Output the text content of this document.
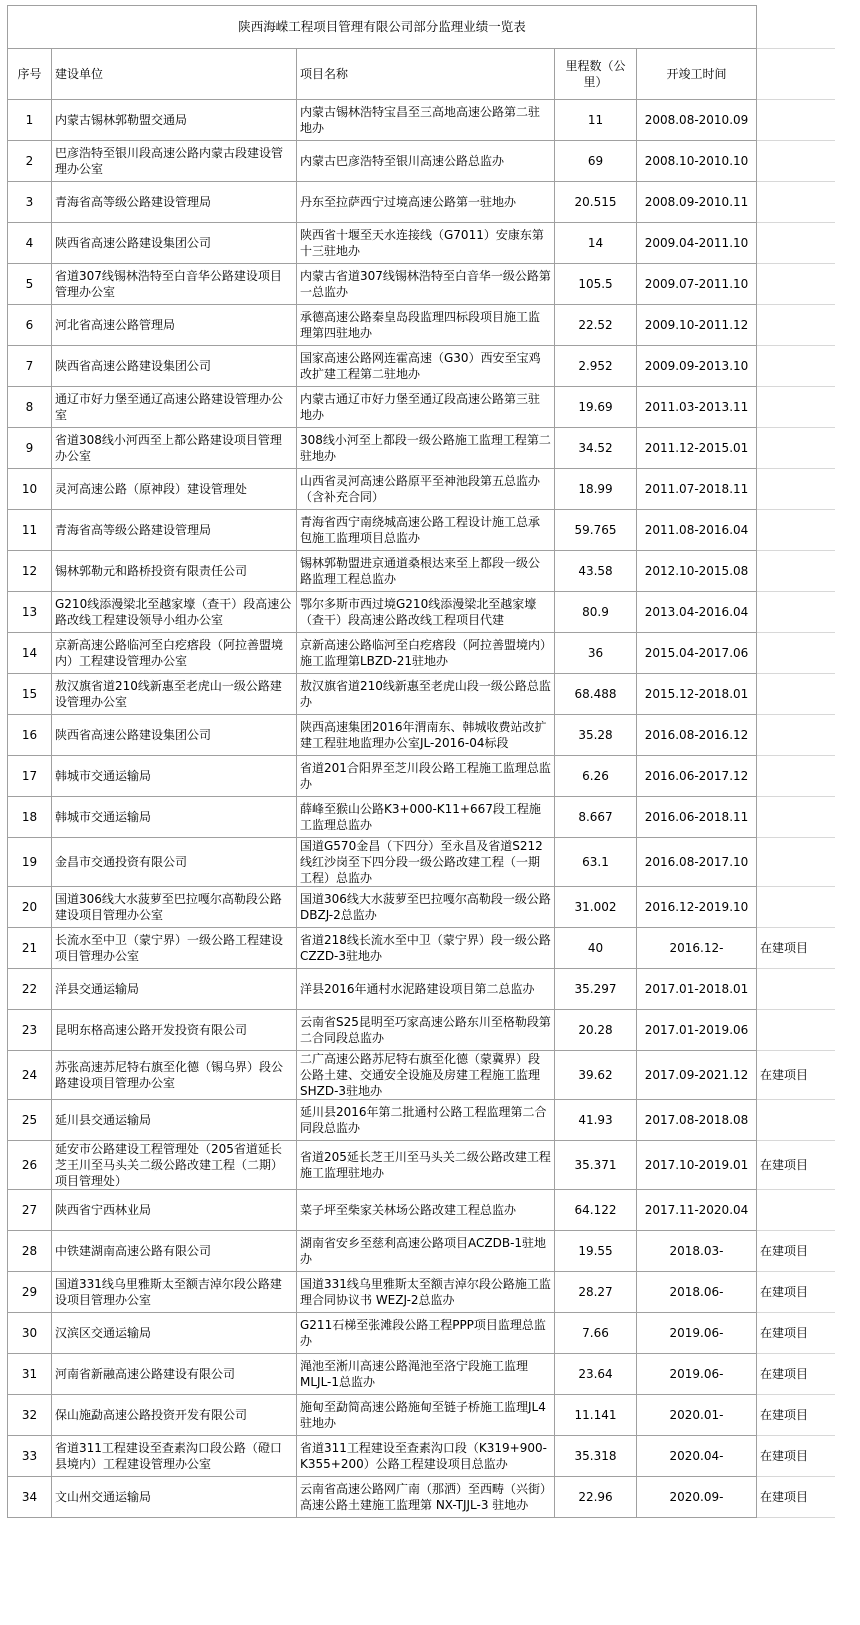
陕西海嵘工程项目管理有限公司部分监理业绩一览表					
序号	建设单位	项目名称	里程数（公里）	开竣工时间	
1	内蒙古锡林郭勒盟交通局	内蒙古锡林浩特宝昌至三高地高速公路第二驻地办	11	2008.08-2010.09	
2	巴彦浩特至银川段高速公路内蒙古段建设管理办公室	内蒙古巴彦浩特至银川高速公路总监办	69	2008.10-2010.10	
3	青海省高等级公路建设管理局	丹东至拉萨西宁过境高速公路第一驻地办	20.515	2008.09-2010.11	
4	陕西省高速公路建设集团公司	陕西省十堰至天水连接线（G7011）安康东第十三驻地办	14	2009.04-2011.10	
5	省道307线锡林浩特至白音华公路建设项目管理办公室	内蒙古省道307线锡林浩特至白音华一级公路第一总监办	105.5	2009.07-2011.10	
6	河北省高速公路管理局	承德高速公路秦皇岛段监理四标段项目施工监理第四驻地办	22.52	2009.10-2011.12	
7	陕西省高速公路建设集团公司	国家高速公路网连霍高速（G30）西安至宝鸡改扩建工程第二驻地办	2.952	2009.09-2013.10	
8	通辽市好力堡至通辽高速公路建设管理办公室	内蒙古通辽市好力堡至通辽段高速公路第三驻地办	19.69	2011.03-2013.11	
9	省道308线小河西至上都公路建设项目管理办公室	308线小河至上都段一级公路施工监理工程第二驻地办	34.52	2011.12-2015.01	
10	灵河高速公路（原神段）建设管理处	山西省灵河高速公路原平至神池段第五总监办（含补充合同）	18.99	2011.07-2018.11	
11	青海省高等级公路建设管理局	青海省西宁南绕城高速公路工程设计施工总承包施工监理项目总监办	59.765	2011.08-2016.04	
12	锡林郭勒元和路桥投资有限责任公司	锡林郭勒盟进京通道桑根达来至上都段一级公路监理工程总监办	43.58	2012.10-2015.08	
13	G210线添漫梁北至越家壕（查干）段高速公路改线工程建设领导小组办公室	鄂尔多斯市西过境G210线添漫梁北至越家壕（查干）段高速公路改线工程项目代建	80.9	2013.04-2016.04	
14	京新高速公路临河至白疙瘩段（阿拉善盟境内）工程建设管理办公室	京新高速公路临河至白疙瘩段（阿拉善盟境内）施工监理第LBZD-21驻地办	36	2015.04-2017.06	
15	敖汉旗省道210线新惠至老虎山一级公路建设管理办公室	敖汉旗省道210线新惠至老虎山段一级公路总监办	68.488	2015.12-2018.01	
16	陕西省高速公路建设集团公司	陕西高速集团2016年渭南东、韩城收费站改扩建工程驻地监理办公室JL-2016-04标段	35.28	2016.08-2016.12	
17	韩城市交通运输局	省道201合阳界至芝川段公路工程施工监理总监办	6.26	2016.06-2017.12	
18	韩城市交通运输局	薛峰至猴山公路K3+000-K11+667段工程施工监理总监办	8.667	2016.06-2018.11	
19	金昌市交通投资有限公司	国道G570金昌（下四分）至永昌及省道S212线红沙岗至下四分段一级公路改建工程（一期工程）总监办	63.1	2016.08-2017.10	
20	国道306线大水菠萝至巴拉嘎尔高勒段公路建设项目管理办公室	国道306线大水菠萝至巴拉嘎尔高勒段一级公路DBZJ-2总监办	31.002	2016.12-2019.10	
21	长流水至中卫（蒙宁界）一级公路工程建设项目管理办公室	省道218线长流水至中卫（蒙宁界）段一级公路CZZD-3驻地办	40	2016.12-	在建项目
22	洋县交通运输局	洋县2016年通村水泥路建设项目第二总监办	35.297	2017.01-2018.01	
23	昆明东格高速公路开发投资有限公司	云南省S25昆明至巧家高速公路东川至格勒段第二合同段总监办	20.28	2017.01-2019.06	
24	苏张高速苏尼特右旗至化德（锡乌界）段公路建设项目管理办公室	二广高速公路苏尼特右旗至化德（蒙冀界）段公路土建、交通安全设施及房建工程施工监理SHZD-3驻地办	39.62	2017.09-2021.12	在建项目
25	延川县交通运输局	延川县2016年第二批通村公路工程监理第二合同段总监办	41.93	2017.08-2018.08	
26	延安市公路建设工程管理处（205省道延长芝王川至马头关二级公路改建工程（二期）项目管理处）	省道205延长芝王川至马头关二级公路改建工程施工监理驻地办	35.371	2017.10-2019.01	在建项目
27	陕西省宁西林业局	菜子坪至柴家关林场公路改建工程总监办	64.122	2017.11-2020.04	
28	中铁建湖南高速公路有限公司	湖南省安乡至慈利高速公路项目ACZDB-1驻地办	19.55	2018.03-	在建项目
29	国道331线乌里雅斯太至额吉淖尔段公路建设项目管理办公室	国道331线乌里雅斯太至额吉淖尔段公路施工监理合同协议书 WEZJ-2总监办	28.27	2018.06-	在建项目
30	汉滨区交通运输局	G211石梯至张滩段公路工程PPP项目监理总监办	7.66	2019.06-	在建项目
31	河南省新融高速公路建设有限公司	渑池至淅川高速公路渑池至洛宁段施工监理MLJL-1总监办	23.64	2019.06-	在建项目
32	保山施勐高速公路投资开发有限公司	施甸至勐简高速公路施甸至链子桥施工监理JL4驻地办	11.141	2020.01-	在建项目
33	省道311工程建设至查素沟口段公路（磴口县境内）工程建设管理办公室	省道311工程建设至查素沟口段（K319+900-K355+200）公路工程建设项目总监办	35.318	2020.04-	在建项目
34	文山州交通运输局	云南省高速公路网广南（那洒）至西畴（兴街）高速公路土建施工监理第 NX-TJJL-3 驻地办	22.96	2020.09-	在建项目
